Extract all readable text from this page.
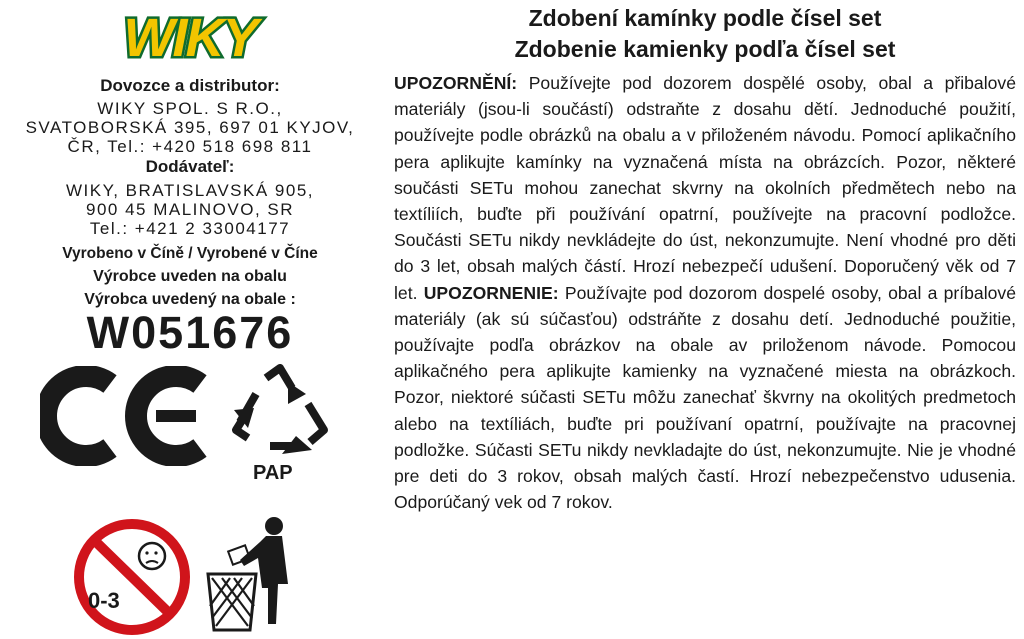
WIKY
Dovozce a distributor:
WIKY SPOL. S R.O.,
SVATOBORSKÁ 395, 697 01 KYJOV,
ČR, Tel.: +420 518 698 811
Dodávateľ:
WIKY, BRATISLAVSKÁ 905,
900 45 MALINOVO, SR
Tel.: +421 2 33004177
Vyrobeno v Číně / Vyrobené v Číne
Výrobce uveden na obalu
Výrobca uvedený na obale :
W051676
PAP
0-3
Zdobení kamínky podle čísel set
Zdobenie kamienky podľa čísel set
UPOZORNĚNÍ: Používejte pod dozorem dospělé osoby, obal a přibalové materiály (jsou-li součástí) odstraňte z dosahu dětí. Jednoduché použití, používejte podle obrázků na obalu a v přiloženém návodu. Pomocí aplikačního pera aplikujte kamínky na vyznačená místa na obrázcích. Pozor, některé součásti SETu mohou zanechat skvrny na okolních předmětech nebo na textíliích, buďte při používání opatrní, používejte na pracovní podložce. Součásti SETu nikdy nevkládejte do úst, nekonzumujte. Není vhodné pro děti do 3 let, obsah malých částí. Hrozí nebezpečí udušení. Doporučený věk od 7 let. UPOZORNENIE: Používajte pod dozorom dospelé osoby, obal a príbalové materiály (ak sú súčasťou) odstráňte z dosahu detí. Jednoduché použitie, používajte podľa obrázkov na obale av priloženom návode. Pomocou aplikačného pera aplikujte kamienky na vyznačené miesta na obrázkoch. Pozor, niektoré súčasti SETu môžu zanechať škvrny na okolitých predmetoch alebo na textíliách, buďte pri používaní opatrní, používajte na pracovnej podložke. Súčasti SETu nikdy nevkladajte do úst, nekonzumujte. Nie je vhodné pre deti do 3 rokov, obsah malých častí. Hrozí nebezpečenstvo udusenia. Odporúčaný vek od 7 rokov.
